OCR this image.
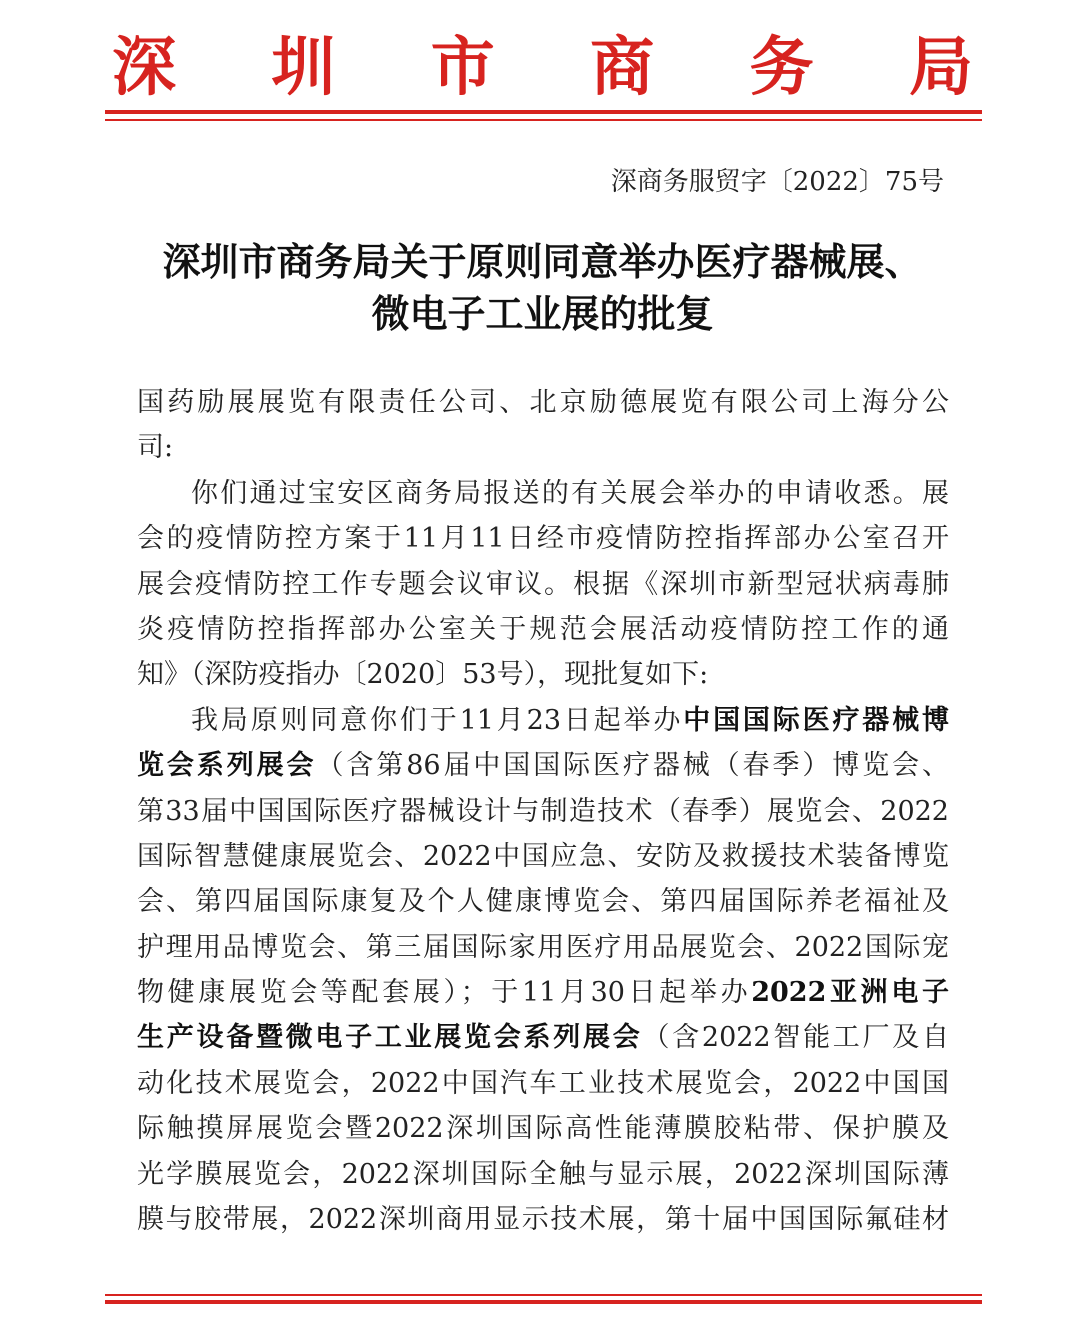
深 圳 市 商 务 局
深商务服贸字〔2022〕75号
深圳市商务局关于原则同意举办医疗器械展、
微电子工业展的批复
国药励展展览有限责任公司、北京励德展览有限公司上海分公
司:
你们通过宝安区商务局报送的有关展会举办的申请收悉。展
会的疫情防控方案于11月11日经市疫情防控指挥部办公室召开
展会疫情防控工作专题会议审议。根据《深圳市新型冠状病毒肺
炎疫情防控指挥部办公室关于规范会展活动疫情防控工作的通
知》（深防疫指办〔2020〕53号），现批复如下:
我局原则同意你们于11月23日起举办中国国际医疗器械博
览会系列展会（含第86届中国国际医疗器械（春季）博览会、
第33届中国国际医疗器械设计与制造技术（春季）展览会、2022
国际智慧健康展览会、2022中国应急、安防及救援技术装备博览
会、第四届国际康复及个人健康博览会、第四届国际养老福祉及
护理用品博览会、第三届国际家用医疗用品展览会、2022国际宠
物健康展览会等配套展）；于11月30日起举办2022亚洲电子
生产设备暨微电子工业展览会系列展会（含2022智能工厂及自
动化技术展览会，2022中国汽车工业技术展览会，2022中国国
际触摸屏展览会暨2022深圳国际高性能薄膜胶粘带、保护膜及
光学膜展览会，2022深圳国际全触与显示展，2022深圳国际薄
膜与胶带展，2022深圳商用显示技术展，第十届中国国际氟硅材
